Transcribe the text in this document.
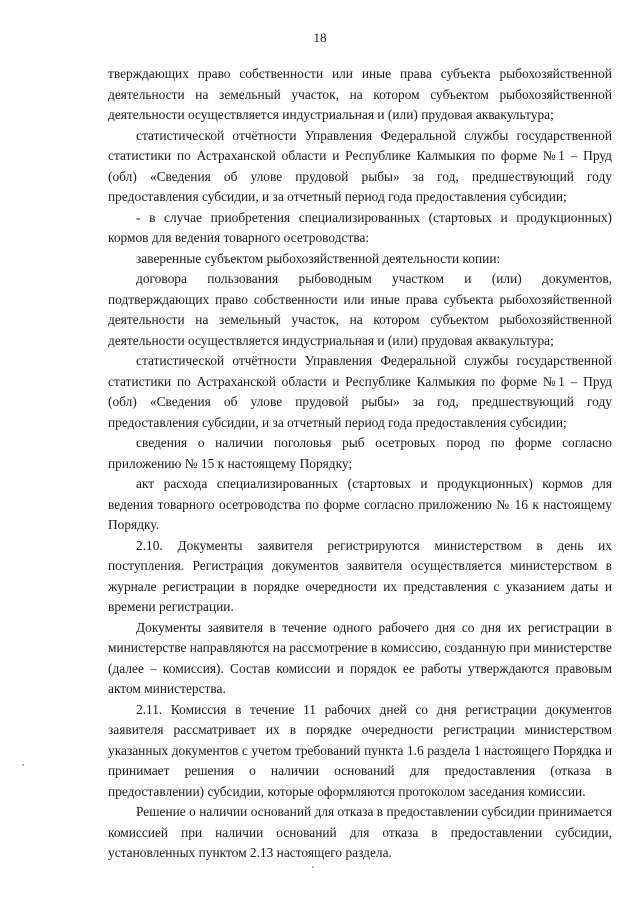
18

тверждающих право собственности или иные права субъекта рыбохозяйственной деятельности на земельный участок, на котором субъектом рыбохозяйственной деятельности осуществляется индустриальная и (или) прудовая аквакультура;

статистической отчётности Управления Федеральной службы государственной статистики по Астраханской области и Республике Калмыкия по форме №1 – Пруд (обл) «Сведения об улове прудовой рыбы» за год, предшествующий году предоставления субсидии, и за отчетный период года предоставления субсидии;

- в случае приобретения специализированных (стартовых и продукционных) кормов для ведения товарного осетроводства:

заверенные субъектом рыбохозяйственной деятельности копии:

договора пользования рыбоводным участком и (или) документов, подтверждающих право собственности или иные права субъекта рыбохозяйственной деятельности на земельный участок, на котором субъектом рыбохозяйственной деятельности осуществляется индустриальная и (или) прудовая аквакультура;

статистической отчётности Управления Федеральной службы государственной статистики по Астраханской области и Республике Калмыкия по форме №1 – Пруд (обл) «Сведения об улове прудовой рыбы» за год, предшествующий году предоставления субсидии, и за отчетный период года предоставления субсидии;

сведения о наличии поголовья рыб осетровых пород по форме согласно приложению № 15 к настоящему Порядку;

акт расхода специализированных (стартовых и продукционных) кормов для ведения товарного осетроводства по форме согласно приложению № 16 к настоящему Порядку.

2.10. Документы заявителя регистрируются министерством в день их поступления. Регистрация документов заявителя осуществляется министерством в журнале регистрации в порядке очередности их представления с указанием даты и времени регистрации.

Документы заявителя в течение одного рабочего дня со дня их регистрации в министерстве направляются на рассмотрение в комиссию, созданную при министерстве (далее – комиссия). Состав комиссии и порядок ее работы утверждаются правовым актом министерства.

2.11. Комиссия в течение 11 рабочих дней со дня регистрации документов заявителя рассматривает их в порядке очередности регистрации министерством указанных документов с учетом требований пункта 1.6 раздела 1 настоящего Порядка и принимает решения о наличии оснований для предоставления (отказа в предоставлении) субсидии, которые оформляются протоколом заседания комиссии.

Решение о наличии оснований для отказа в предоставлении субсидии принимается комиссией при наличии оснований для отказа в предоставлении субсидии, установленных пунктом 2.13 настоящего раздела.
